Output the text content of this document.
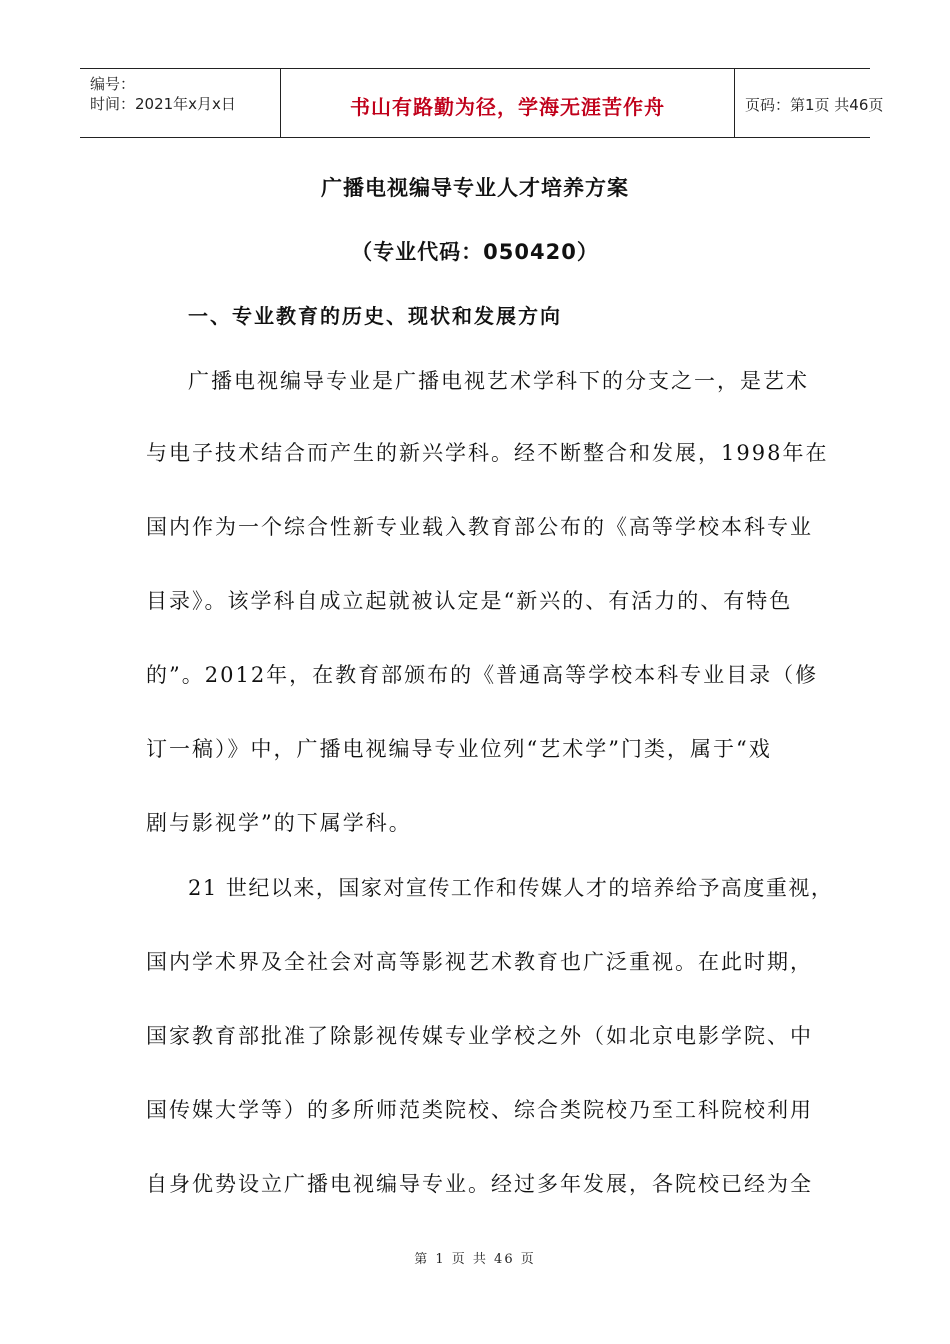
编号：
时间：2021年x月x日	书山有路勤为径，学海无涯苦作舟	页码：第1页 共46页
广播电视编导专业人才培养方案
（专业代码：050420）
一、专业教育的历史、现状和发展方向
广播电视编导专业是广播电视艺术学科下的分支之一，是艺术
与电子技术结合而产生的新兴学科。经不断整合和发展，1998年在
国内作为一个综合性新专业载入教育部公布的《高等学校本科专业
目录》。该学科自成立起就被认定是“新兴的、有活力的、有特色
的”。2012年，在教育部颁布的《普通高等学校本科专业目录（修
订一稿）》中，广播电视编导专业位列“艺术学”门类，属于“戏
剧与影视学”的下属学科。
21 世纪以来，国家对宣传工作和传媒人才的培养给予高度重视，
国内学术界及全社会对高等影视艺术教育也广泛重视。在此时期，
国家教育部批准了除影视传媒专业学校之外（如北京电影学院、中
国传媒大学等）的多所师范类院校、综合类院校乃至工科院校利用
自身优势设立广播电视编导专业。经过多年发展，各院校已经为全
第 1 页 共 46 页
